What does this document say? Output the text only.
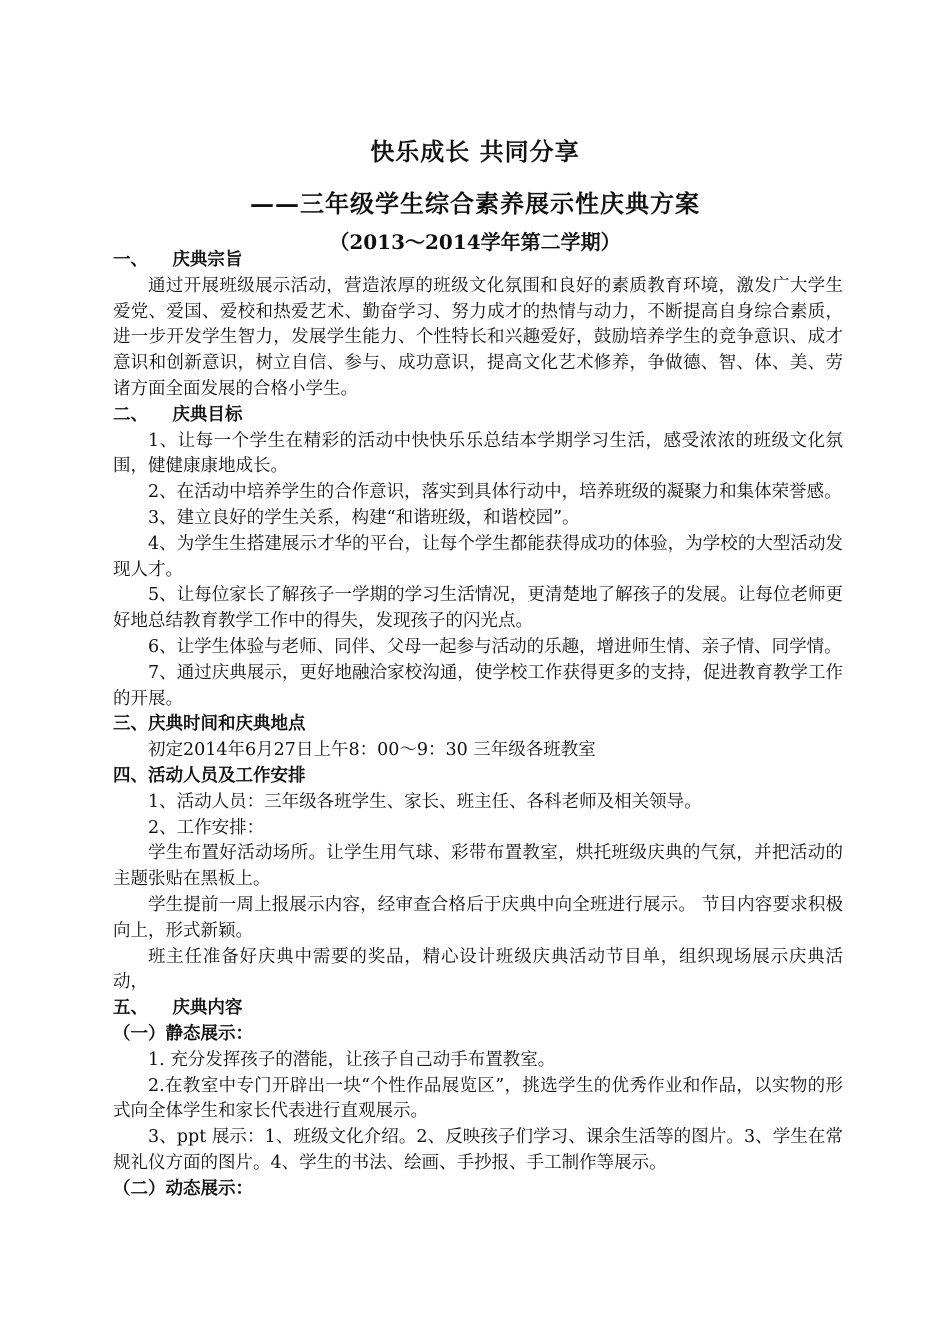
快乐成长 共同分享
——三年级学生综合素养展示性庆典方案
（2013～2014学年第二学期）

一、    庆典宗旨

通过开展班级展示活动，营造浓厚的班级文化氛围和良好的素质教育环境，激发广大学生爱党、爱国、爱校和热爱艺术、勤奋学习、努力成才的热情与动力，不断提高自身综合素质，进一步开发学生智力，发展学生能力、个性特长和兴趣爱好，鼓励培养学生的竞争意识、成才意识和创新意识，树立自信、参与、成功意识，提高文化艺术修养，争做德、智、体、美、劳诸方面全面发展的合格小学生。

二、    庆典目标

1、让每一个学生在精彩的活动中快快乐乐总结本学期学习生活，感受浓浓的班级文化氛围，健健康康地成长。

2、在活动中培养学生的合作意识，落实到具体行动中，培养班级的凝聚力和集体荣誉感。

3、建立良好的学生关系，构建“和谐班级，和谐校园”。

4、为学生生搭建展示才华的平台，让每个学生都能获得成功的体验，为学校的大型活动发现人才。

5、让每位家长了解孩子一学期的学习生活情况，更清楚地了解孩子的发展。让每位老师更好地总结教育教学工作中的得失，发现孩子的闪光点。

6、让学生体验与老师、同伴、父母一起参与活动的乐趣，增进师生情、亲子情、同学情。

7、通过庆典展示，更好地融洽家校沟通，使学校工作获得更多的支持，促进教育教学工作的开展。

三、庆典时间和庆典地点

初定2014年6月27日上午8：00～9：30 三年级各班教室

四、活动人员及工作安排

1、活动人员：三年级各班学生、家长、班主任、各科老师及相关领导。

2、工作安排：

学生布置好活动场所。让学生用气球、彩带布置教室，烘托班级庆典的气氛，并把活动的主题张贴在黑板上。

学生提前一周上报展示内容，经审查合格后于庆典中向全班进行展示。 节目内容要求积极向上，形式新颖。

班主任准备好庆典中需要的奖品，精心设计班级庆典活动节目单，组织现场展示庆典活动，

五、    庆典内容

（一）静态展示：

1. 充分发挥孩子的潜能，让孩子自己动手布置教室。

2.在教室中专门开辟出一块“个性作品展览区”，挑选学生的优秀作业和作品，以实物的形式向全体学生和家长代表进行直观展示。

3、ppt 展示：1、班级文化介绍。2、反映孩子们学习、课余生活等的图片。3、学生在常规礼仪方面的图片。4、学生的书法、绘画、手抄报、手工制作等展示。

（二）动态展示：
